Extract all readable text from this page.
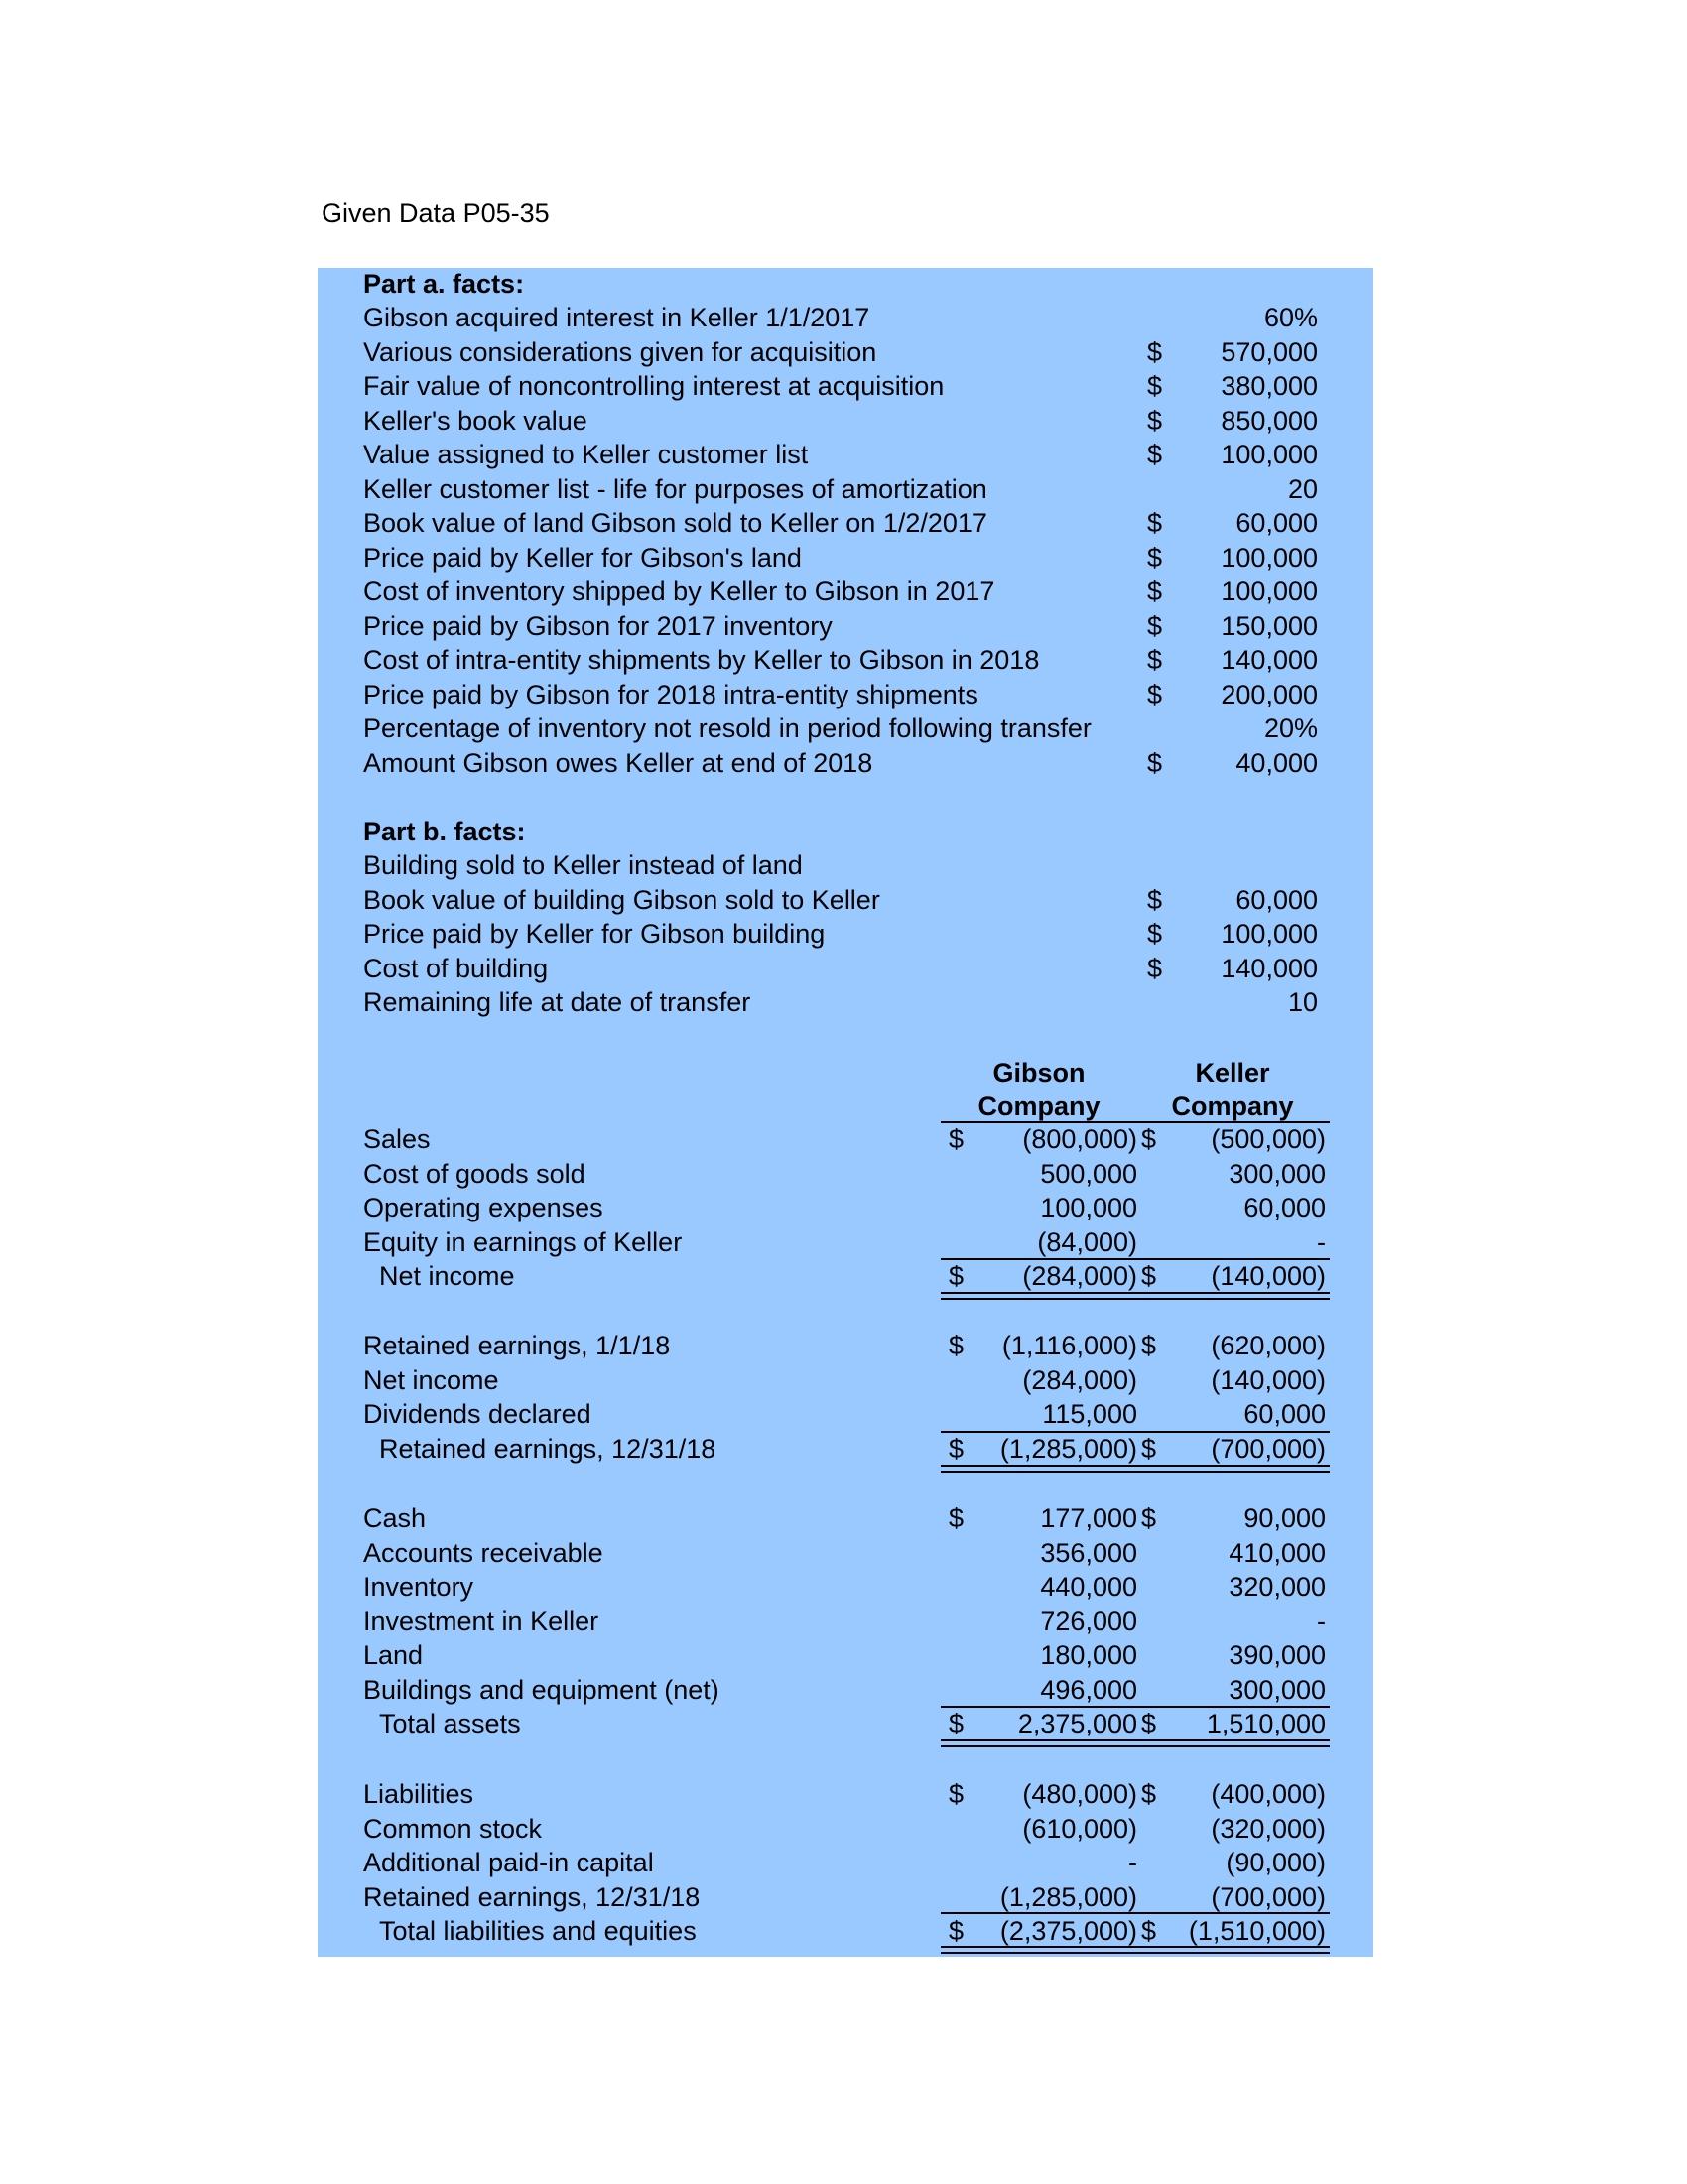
Given Data P05-35
Part a. facts:
Gibson acquired interest in Keller 1/1/2017	60%
Various considerations given for acquisition	$ 570,000
Fair value of noncontrolling interest at acquisition	$ 380,000
Keller's book value	$ 850,000
Value assigned to Keller customer list	$ 100,000
Keller customer list - life for purposes of amortization	20
Book value of land Gibson sold to Keller on 1/2/2017	$	60,000
Price paid by Keller for Gibson's land	$ 100,000
Cost of inventory shipped by Keller to Gibson in 2017	$ 100,000
Price paid by Gibson for 2017 inventory	$ 150,000
Cost of intra-entity shipments by Keller to Gibson in 2018	$ 140,000
Price paid by Gibson for 2018 intra-entity shipments	$ 200,000
Percentage of inventory not resold in period following transfer	20%
Amount Gibson owes Keller at end of 2018	$	40,000
Part b. facts:
Building sold to Keller instead of land
Book value of building Gibson sold to Keller	$	60,000
Price paid by Keller for Gibson building	$ 100,000
Cost of building	$ 140,000
Remaining life at date of transfer	10
Gibson
Company
Keller
Company
Sales	$ (800,000) $ (500,000)
Cost of goods sold	500,000	300,000
Operating expenses	100,000	60,000
Equity in earnings of Keller	(84,000)	-
Net income	$ (284,000) $ (140,000)
Retained earnings, 1/1/18	$ (1,116,000) $ (620,000)
Net income	(284,000)	(140,000)
Dividends declared	115,000	60,000
Retained earnings, 12/31/18	$ (1,285,000) $ (700,000)
Cash	$	177,000 $	90,000
Accounts receivable	356,000	410,000
Inventory	440,000	320,000
Investment in Keller	726,000	-
Land	180,000	390,000
Buildings and equipment (net)	496,000	300,000
Total assets	$ 2,375,000 $ 1,510,000
Liabilities	$ (480,000) $ (400,000)
Common stock	(610,000)	(320,000)
Additional paid-in capital	-	(90,000)
Retained earnings, 12/31/18	(1,285,000)	(700,000)
Total liabilities and equities	$ (2,375,000) $ (1,510,000)
